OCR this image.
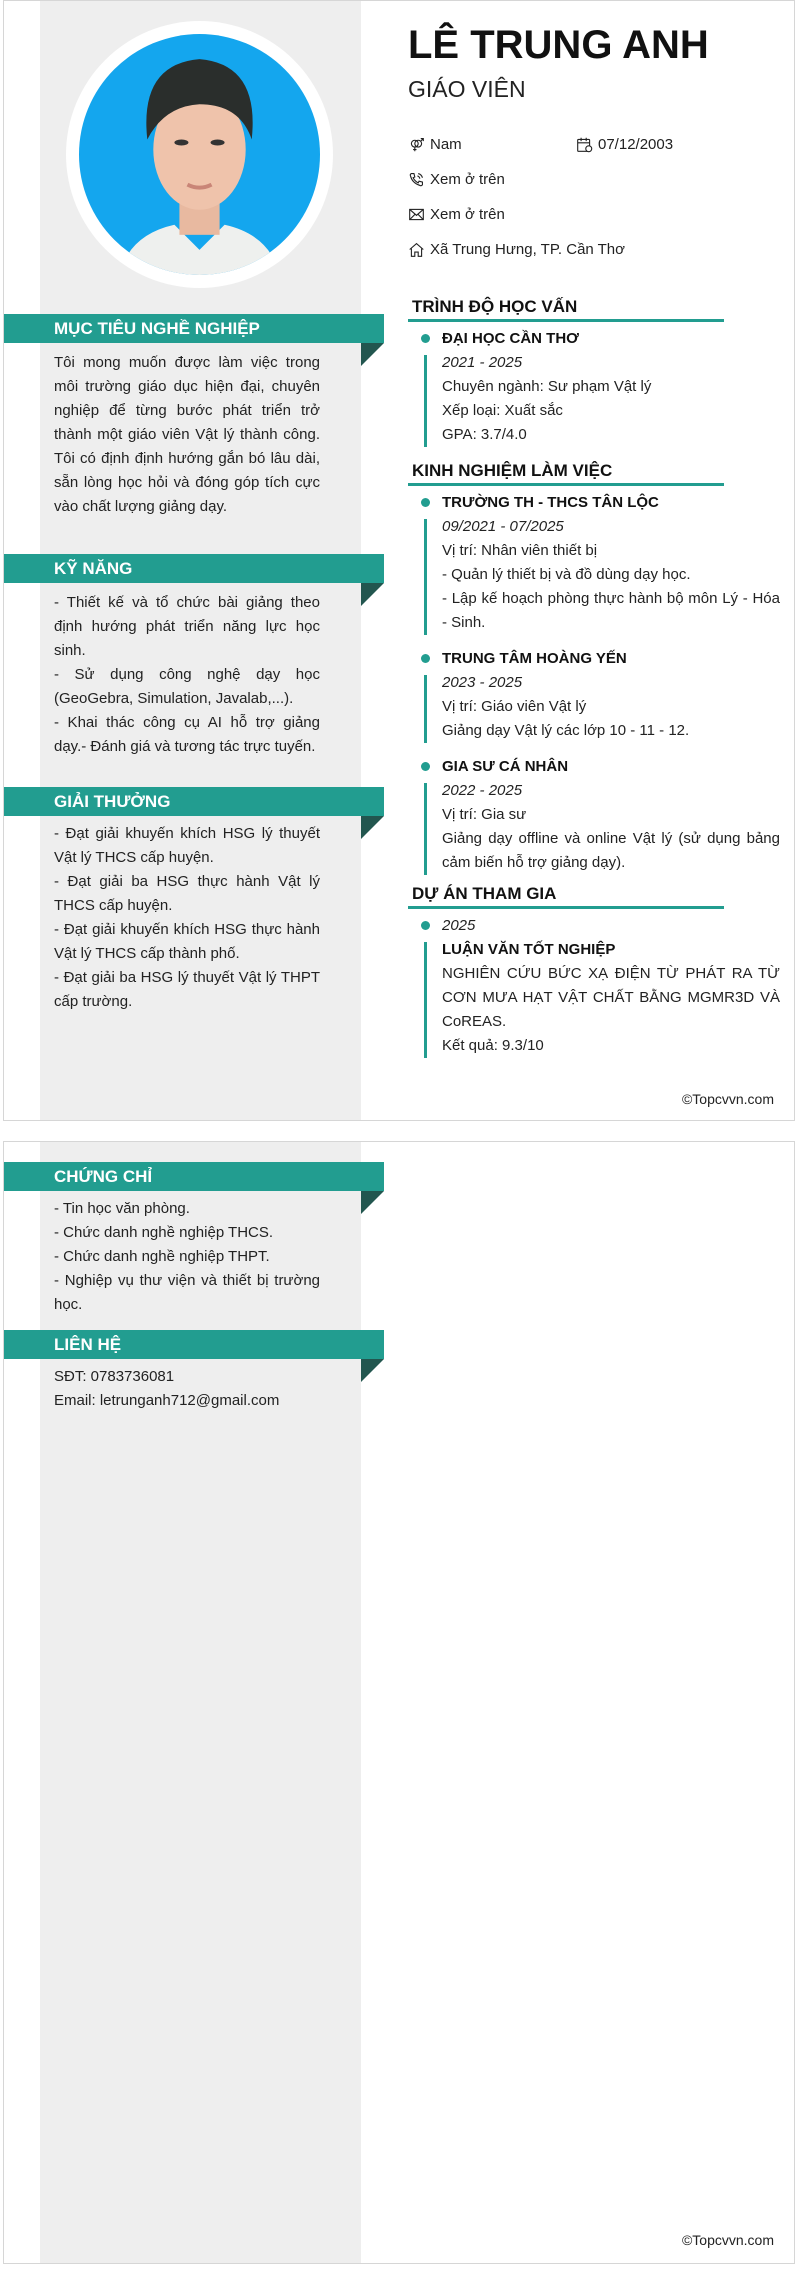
MỤC TIÊU NGHỀ NGHIỆP
Tôi mong muốn được làm việc trong môi trường giáo dục hiện đại, chuyên nghiệp để từng bước phát triển trở thành một giáo viên Vật lý thành công. Tôi có định định hướng gắn bó lâu dài, sẵn lòng học hỏi và đóng góp tích cực vào chất lượng giảng dạy.
KỸ NĂNG
- Thiết kế và tổ chức bài giảng theo định hướng phát triển năng lực học sinh.
- Sử dụng công nghệ dạy học (GeoGebra, Simulation, Javalab,...).
- Khai thác công cụ AI hỗ trợ giảng dạy.- Đánh giá và tương tác trực tuyến.
GIẢI THƯỞNG
- Đạt giải khuyến khích HSG lý thuyết Vật lý THCS cấp huyện.
- Đạt giải ba HSG thực hành Vật lý THCS cấp huyện.
- Đạt giải khuyến khích HSG thực hành Vật lý THCS cấp thành phố.
- Đạt giải ba HSG lý thuyết Vật lý THPT cấp trường.
LÊ TRUNG ANH
GIÁO VIÊN
Nam	07/12/2003
Xem ở trên
Xem ở trên
Xã Trung Hưng, TP. Cần Thơ
TRÌNH ĐỘ HỌC VẤN
ĐẠI HỌC CẦN THƠ
2021 - 2025
Chuyên ngành: Sư phạm Vật lý
Xếp loại: Xuất sắc
GPA: 3.7/4.0
KINH NGHIỆM LÀM VIỆC
TRƯỜNG TH - THCS TÂN LỘC
09/2021 - 07/2025
Vị trí: Nhân viên thiết bị
- Quản lý thiết bị và đồ dùng dạy học.
- Lập kế hoạch phòng thực hành bộ môn Lý - Hóa - Sinh.
TRUNG TÂM HOÀNG YẾN
2023 - 2025
Vị trí: Giáo viên Vật lý
Giảng dạy Vật lý các lớp 10 - 11 - 12.
GIA SƯ CÁ NHÂN
2022 - 2025
Vị trí: Gia sư
Giảng dạy offline và online Vật lý (sử dụng bảng cảm biến hỗ trợ giảng dạy).
DỰ ÁN THAM GIA
2025
LUẬN VĂN TỐT NGHIỆP
NGHIÊN CỨU BỨC XẠ ĐIỆN TỪ PHÁT RA TỪ CƠN MƯA HẠT VẬT CHẤT BẰNG MGMR3D VÀ CoREAS.
Kết quả: 9.3/10
©Topcvvn.com
CHỨNG CHỈ
- Tin học văn phòng.
- Chức danh nghề nghiệp THCS.
- Chức danh nghề nghiệp THPT.
- Nghiệp vụ thư viện và thiết bị trường học.
LIÊN HỆ
SĐT: 0783736081
Email: letrunganh712@gmail.com
©Topcvvn.com
